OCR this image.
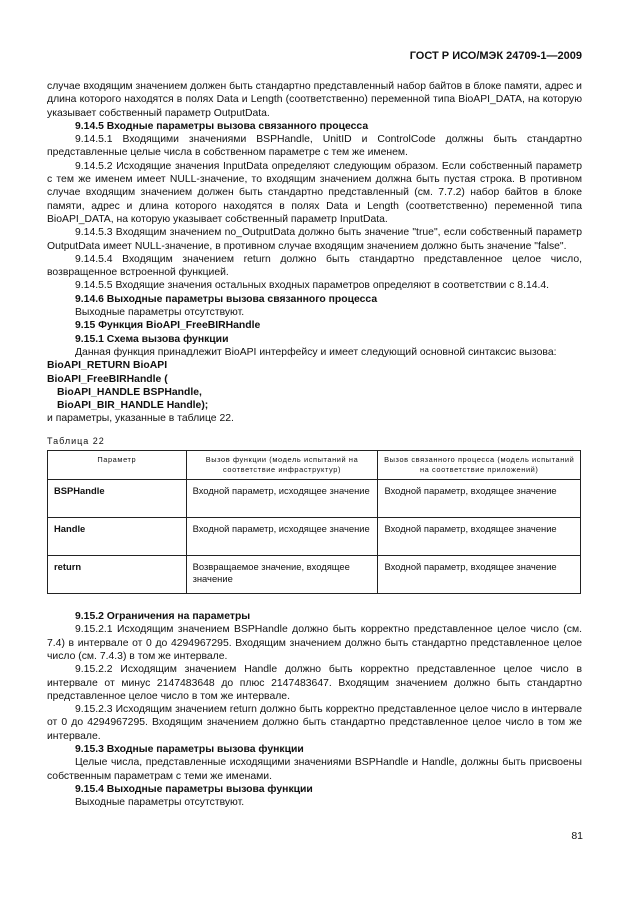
ГОСТ Р ИСО/МЭК 24709-1—2009

случае входящим значением должен быть стандартно представленный набор байтов в блоке памяти, адрес и длина которого находятся в полях Data и Length (соответственно) переменной типа BioAPI_DATA, на которую указывает собственный параметр OutputData.

9.14.5 Входные параметры вызова связанного процесса

9.14.5.1 Входящими значениями BSPHandle, UnitID и ControlCode должны быть стандартно представленные целые числа в собственном параметре с тем же именем.

9.14.5.2 Исходящие значения InputData определяют следующим образом. Если собственный параметр с тем же именем имеет NULL-значение, то входящим значением должна быть пустая строка. В противном случае входящим значением должен быть стандартно представленный (см. 7.7.2) набор байтов в блоке памяти, адрес и длина которого находятся в полях Data и Length (соответственно) переменной типа BioAPI_DATA, на которую указывает собственный параметр InputData.

9.14.5.3 Входящим значением no_OutputData должно быть значение "true", если собственный параметр OutputData имеет NULL-значение, в противном случае входящим значением должно быть значение "false".

9.14.5.4 Входящим значением return должно быть стандартно представленное целое число, возвращенное встроенной функцией.

9.14.5.5 Входящие значения остальных входных параметров определяют в соответствии с 8.14.4.

9.14.6 Выходные параметры вызова связанного процесса

Выходные параметры отсутствуют.

9.15 Функция BioAPI_FreeBIRHandle

9.15.1 Схема вызова функции

Данная функция принадлежит BioAPI интерфейсу и имеет следующий основной синтаксис вызова:

BioAPI_RETURN BioAPI

BioAPI_FreeBIRHandle (

BioAPI_HANDLE BSPHandle,

BioAPI_BIR_HANDLE Handle);

и параметры, указанные в таблице 22.

Таблица 22
Параметр	Вызов функции (модель испытаний на соответствие инфраструктур)	Вызов связанного процесса (модель испытаний на соответствие приложений)
BSPHandle	Входной параметр, исходящее значение	Входной параметр, входящее значение
Handle	Входной параметр, исходящее значение	Входной параметр, входящее значение
return	Возвращаемое значение, входящее значение	Входной параметр, входящее значение

9.15.2 Ограничения на параметры

9.15.2.1 Исходящим значением BSPHandle должно быть корректно представленное целое число (см. 7.4) в интервале от 0 до 4294967295. Входящим значением должно быть стандартно представленное целое число (см. 7.4.3) в том же интервале.

9.15.2.2 Исходящим значением Handle должно быть корректно представленное целое число в интервале от минус 2147483648 до плюс 2147483647. Входящим значением должно быть стандартно представленное целое число в том же интервале.

9.15.2.3 Исходящим значением return должно быть корректно представленное целое число в интервале от 0 до 4294967295. Входящим значением должно быть стандартно представленное целое число в том же интервале.

9.15.3 Входные параметры вызова функции

Целые числа, представленные исходящими значениями BSPHandle и Handle, должны быть присвоены собственным параметрам с теми же именами.

9.15.4 Выходные параметры вызова функции

Выходные параметры отсутствуют.

81
